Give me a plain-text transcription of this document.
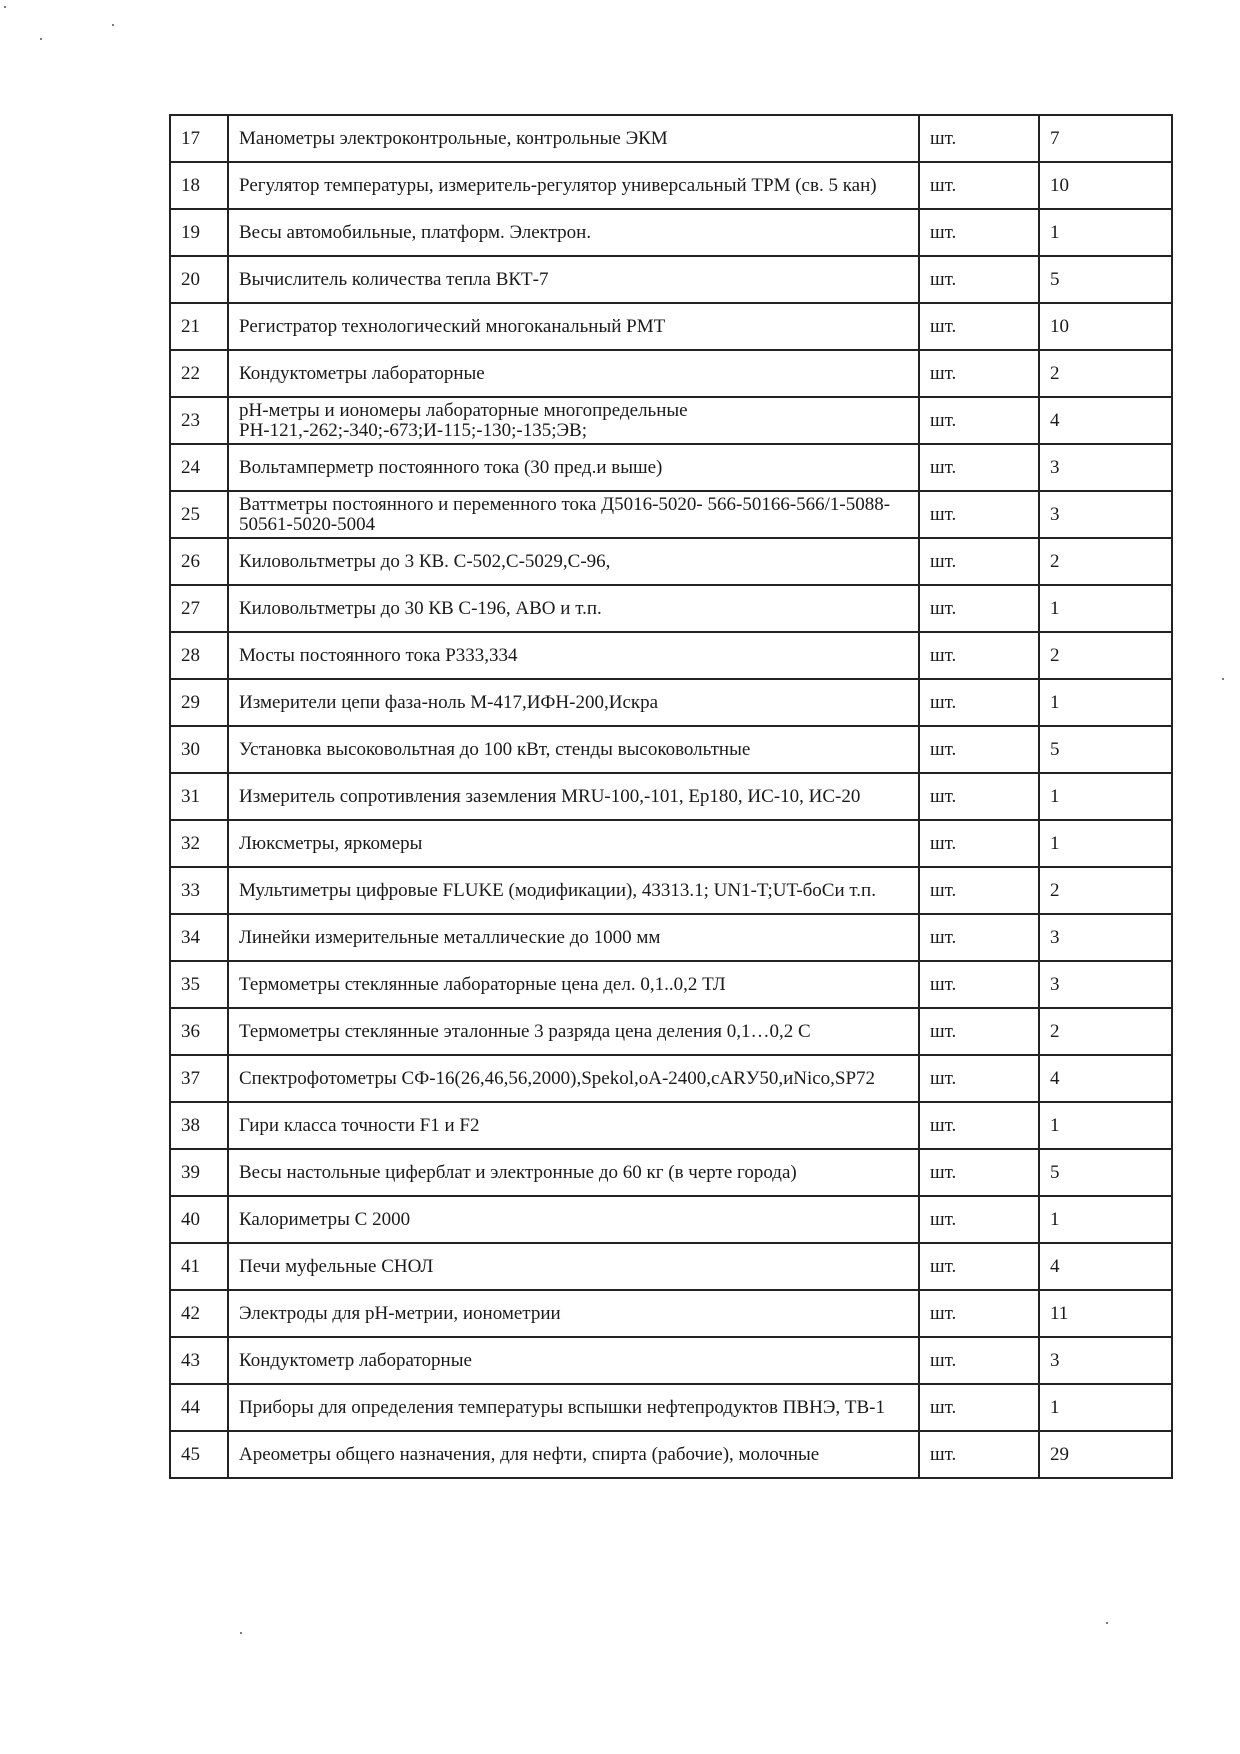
17	Манометры электроконтрольные, контрольные ЭКМ	шт.	7
18	Регулятор температуры, измеритель-регулятор универсальный ТРМ (св. 5 кан)	шт.	10
19	Весы автомобильные, платформ. Электрон.	шт.	1
20	Вычислитель количества тепла ВКТ-7	шт.	5
21	Регистратор технологический многоканальный РМТ	шт.	10
22	Кондуктометры лабораторные	шт.	2
23	pH-метры и иономеры лабораторные многопредельные РН-121,-262;-340;-673;И-115;-130;-135;ЭВ;	шт.	4
24	Вольтамперметр постоянного тока (30 пред.и выше)	шт.	3
25	Ваттметры постоянного и переменного тока Д5016-5020- 566-50166-566/1-5088-50561-5020-5004	шт.	3
26	Киловольтметры до 3 КВ. С-502,С-5029,С-96,	шт.	2
27	Киловольтметры до 30 КВ С-196, АВО и т.п.	шт.	1
28	Мосты постоянного тока Р333,334	шт.	2
29	Измерители цепи фаза-ноль М-417,ИФН-200,Искра	шт.	1
30	Установка высоковольтная до 100 кВт, стенды высоковольтные	шт.	5
31	Измеритель сопротивления заземления MRU-100,-101, Ep180, ИС-10, ИС-20	шт.	1
32	Люксметры, яркомеры	шт.	1
33	Мультиметры цифровые FLUKE (модификации), 43313.1; UN1-T;UT-боСи т.п.	шт.	2
34	Линейки измерительные металлические до 1000 мм	шт.	3
35	Термометры стеклянные лабораторные цена дел. 0,1..0,2 ТЛ	шт.	3
36	Термометры стеклянные эталонные 3 разряда цена деления 0,1…0,2 С	шт.	2
37	Спектрофотометры СФ-16(26,46,56,2000),Spekol,oA-2400,cARУ50,иNico,SP72	шт.	4
38	Гири класса точности F1 и F2	шт.	1
39	Весы настольные циферблат и электронные до 60 кг (в черте города)	шт.	5
40	Калориметры С 2000	шт.	1
41	Печи муфельные СНОЛ	шт.	4
42	Электроды для pH-метрии, ионометрии	шт.	11
43	Кондуктометр лабораторные	шт.	3
44	Приборы для определения температуры вспышки нефтепродуктов ПВНЭ, ТВ-1	шт.	1
45	Ареометры общего назначения, для нефти, спирта (рабочие), молочные	шт.	29
